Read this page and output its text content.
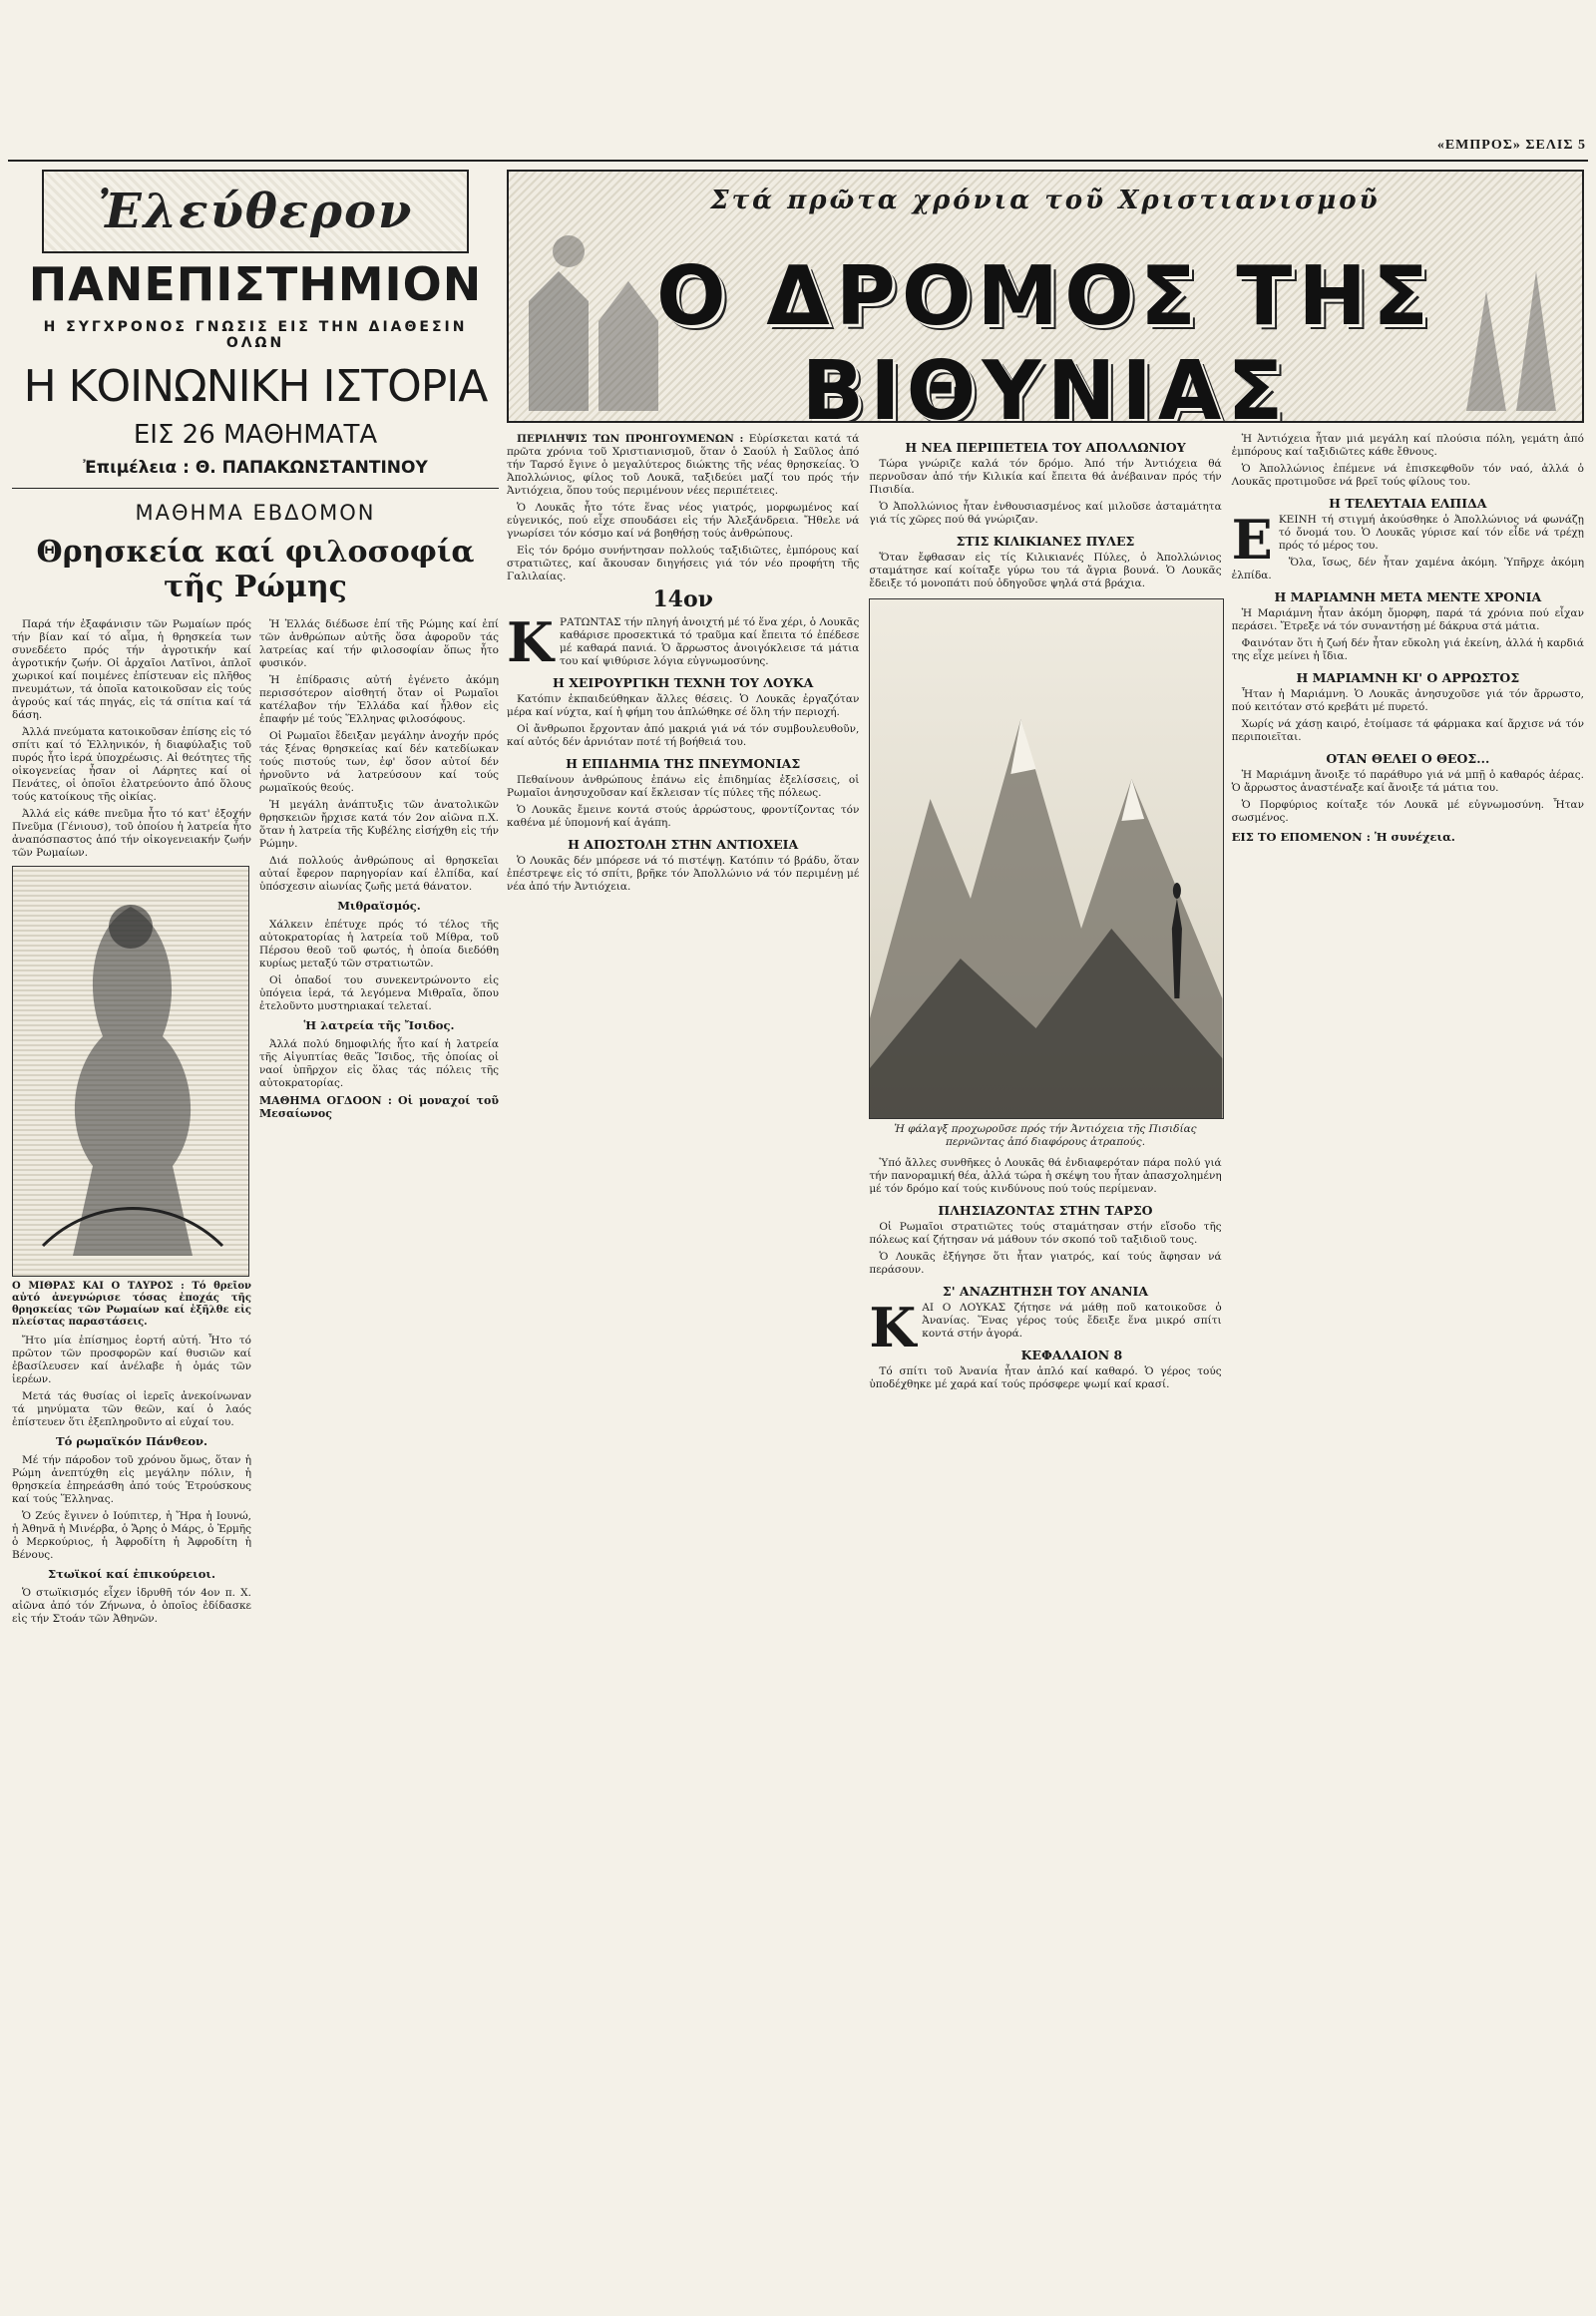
«ΕΜΠΡΟΣ» ΣΕΛΙΣ 5
Ἐλεύθερον
ΠΑΝΕΠΙΣΤΗΜΙΟΝ
Η ΣΥΓΧΡΟΝΟΣ ΓΝΩΣΙΣ ΕΙΣ ΤΗΝ ΔΙΑΘΕΣΙΝ ΟΛΩΝ
Η ΚΟΙΝΩΝΙΚΗ ΙΣΤΟΡΙΑ
ΕΙΣ 26 ΜΑΘΗΜΑΤΑ
Ἐπιμέλεια : Θ. ΠΑΠΑΚΩΝΣΤΑΝΤΙΝΟΥ
ΜΑΘΗΜΑ ΕΒΔΟΜΟΝ
Θρησκεία καί φιλοσοφία τῆς Ρώμης

Παρά τήν ἐξαφάνισιν τῶν Ρωμαίων πρός τήν βίαν καί τό αἷμα, ἡ θρησκεία των συνεδέετο πρός τήν ἀγροτικήν καί ἀγροτικήν ζωήν. Οἱ ἀρχαῖοι Λατῖνοι, ἁπλοῖ χωρικοί καί ποιμένες ἐπίστευαν εἰς πλῆθος πνευμάτων, τά ὁποῖα κατοικοῦσαν εἰς τούς ἀγρούς καί τάς πηγάς, εἰς τά σπίτια καί τά δάση.

Ἀλλά πνεύματα κατοικοῦσαν ἐπίσης εἰς τό σπίτι καί τό Ἑλληνικόν, ἡ διαφύλαξις τοῦ πυρός ἦτο ἱερά ὑποχρέωσις. Αἱ θεότητες τῆς οἰκογενείας ἦσαν οἱ Λάρητες καί οἱ Πενάτες, οἱ ὁποῖοι ἐλατρεύοντο ἀπό ὅλους τούς κατοίκους τῆς οἰκίας.

Ἀλλά εἰς κάθε πνεῦμα ἦτο τό κατ' ἐξοχήν Πνεῦμα (Γένιουσ), τοῦ ὁποίου ἡ λατρεία ἦτο ἀναπόσπαστος ἀπό τήν οἰκογενειακήν ζωήν τῶν Ρωμαίων.

Ο ΜΙΘΡΑΣ ΚΑΙ Ο ΤΑΥΡΟΣ : Τό θρεῖον αὐτό ἀνεγνώρισε τόσας ἐποχάς τῆς θρησκείας τῶν Ρωμαίων καί ἐξῆλθε εἰς πλείστας παραστάσεις.

Ἤτο μία ἐπίσημος ἑορτή αὐτή. Ἦτο τό πρῶτον τῶν προσφορῶν καί θυσιῶν καί ἐβασίλευσεν καί ἀνέλαβε ἡ ὁμάς τῶν ἱερέων.

Μετά τάς θυσίας οἱ ἱερεῖς ἀνεκοίνωναν τά μηνύματα τῶν θεῶν, καί ὁ λαός ἐπίστευεν ὅτι ἐξεπληροῦντο αἱ εὐχαί του.

Τό ρωμαϊκόν Πάνθεον.

Μέ τήν πάροδον τοῦ χρόνου ὅμως, ὅταν ἡ Ρώμη ἀνεπτύχθη εἰς μεγάλην πόλιν, ἡ θρησκεία ἐπηρεάσθη ἀπό τούς Ἐτρούσκους καί τούς Ἕλληνας.

Ὁ Ζεύς ἔγινεν ὁ Ιούπιτερ, ἡ Ἥρα ἡ Ιουνώ, ἡ Ἀθηνᾶ ἡ Μινέρβα, ὁ Ἄρης ὁ Μάρς, ὁ Ἑρμῆς ὁ Μερκούριος, ἡ Ἀφροδίτη ἡ Ἀφροδίτη ἡ Βένους.

Στωϊκοί καί ἐπικούρειοι.

Ὁ στωϊκισμός εἶχεν ἱδρυθῆ τόν 4ον π. Χ. αἰῶνα ἀπό τόν Ζήνωνα, ὁ ὁποῖος ἐδίδασκε εἰς τήν Στοάν τῶν Ἀθηνῶν.

Ἡ Ἑλλάς διέδωσε ἐπί τῆς Ρώμης καί ἐπί τῶν ἀνθρώπων αὐτῆς ὅσα ἀφοροῦν τάς λατρείας καί τήν φιλοσοφίαν ὅπως ἦτο φυσικόν.

Ἡ ἐπίδρασις αὐτή ἐγένετο ἀκόμη περισσότερον αἰσθητή ὅταν οἱ Ρωμαῖοι κατέλαβον τήν Ἑλλάδα καί ἦλθον εἰς ἐπαφήν μέ τούς Ἕλληνας φιλοσόφους.

Οἱ Ρωμαῖοι ἔδειξαν μεγάλην ἀνοχήν πρός τάς ξένας θρησκείας καί δέν κατεδίωκαν τούς πιστούς των, ἐφ' ὅσον αὐτοί δέν ἠρνοῦντο νά λατρεύσουν καί τούς ρωμαϊκούς θεούς.

Ἡ μεγάλη ἀνάπτυξις τῶν ἀνατολικῶν θρησκειῶν ἤρχισε κατά τόν 2ον αἰῶνα π.Χ. ὅταν ἡ λατρεία τῆς Κυβέλης εἰσήχθη εἰς τήν Ρώμην.

Διά πολλούς ἀνθρώπους αἱ θρησκεῖαι αὐταί ἔφερον παρηγορίαν καί ἐλπίδα, καί ὑπόσχεσιν αἰωνίας ζωῆς μετά θάνατον.

Μιθραϊσμός.

Χάλκειν ἐπέτυχε πρός τό τέλος τῆς αὐτοκρατορίας ἡ λατρεία τοῦ Μίθρα, τοῦ Πέρσου θεοῦ τοῦ φωτός, ἡ ὁποία διεδόθη κυρίως μεταξύ τῶν στρατιωτῶν.

Οἱ ὀπαδοί του συνεκεντρώνοντο εἰς ὑπόγεια ἱερά, τά λεγόμενα Μιθραῖα, ὅπου ἐτελοῦντο μυστηριακαί τελεταί.

Ἡ λατρεία τῆς Ἴσιδος.

Ἀλλά πολύ δημοφιλής ἦτο καί ἡ λατρεία τῆς Αἰγυπτίας θεᾶς Ἴσιδος, τῆς ὁποίας οἱ ναοί ὑπῆρχον εἰς ὅλας τάς πόλεις τῆς αὐτοκρατορίας.

ΜΑΘΗΜΑ ΟΓΔΟΟΝ : Οἱ μοναχοί τοῦ Μεσαίωνος
Στά πρῶτα χρόνια τοῦ Χριστιανισμοῦ
Ο ΔΡΟΜΟΣ ΤΗΣ ΒΙΘΥΝΙΑΣ

ΠΕΡΙΛΗΨΙΣ ΤΩΝ ΠΡΟΗΓΟΥΜΕΝΩΝ : Εὑρίσκεται κατά τά πρῶτα χρόνια τοῦ Χριστιανισμοῦ, ὅταν ὁ Σαούλ ἡ Σαῦλος ἀπό τήν Ταρσό ἔγινε ὁ μεγαλύτερος διώκτης τῆς νέας θρησκείας. Ὁ Ἀπολλώνιος, φίλος τοῦ Λουκᾶ, ταξιδεύει μαζί του πρός τήν Ἀντιόχεια, ὅπου τούς περιμένουν νέες περιπέτειες.

Ὁ Λουκᾶς ἦτο τότε ἕνας νέος γιατρός, μορφωμένος καί εὐγενικός, πού εἶχε σπουδάσει εἰς τήν Ἀλεξάνδρεια. Ἤθελε νά γνωρίσει τόν κόσμο καί νά βοηθήσῃ τούς ἀνθρώπους.

Εἰς τόν δρόμο συνήντησαν πολλούς ταξιδιῶτες, ἐμπόρους καί στρατιῶτες, καί ἄκουσαν διηγήσεις γιά τόν νέο προφήτη τῆς Γαλιλαίας.

14ον

ΚΡΑΤΩΝΤΑΣ τήν πληγή ἀνοιχτή μέ τό ἕνα χέρι, ὁ Λουκᾶς καθάρισε προσεκτικά τό τραῦμα καί ἔπειτα τό ἐπέδεσε μέ καθαρά πανιά. Ὁ ἄρρωστος ἀνοιγόκλεισε τά μάτια του καί ψιθύρισε λόγια εὐγνωμοσύνης.

Η ΧΕΙΡΟΥΡΓΙΚΗ ΤΕΧΝΗ ΤΟΥ ΛΟΥΚΑ

Κατόπιν ἐκπαιδεύθηκαν ἄλλες θέσεις. Ὁ Λουκᾶς ἐργαζόταν μέρα καί νύχτα, καί ἡ φήμη του ἁπλώθηκε σέ ὅλη τήν περιοχή.

Οἱ ἄνθρωποι ἔρχονταν ἀπό μακριά γιά νά τόν συμβουλευθοῦν, καί αὐτός δέν ἀρνιόταν ποτέ τή βοήθειά του.

Η ΕΠΙΔΗΜΙΑ ΤΗΣ ΠΝΕΥΜΟΝΙΑΣ

Πεθαίνουν ἀνθρώπους ἐπάνω εἰς ἐπιδημίας ἐξελίσσεις, οἱ Ρωμαῖοι ἀνησυχοῦσαν καί ἔκλεισαν τίς πύλες τῆς πόλεως.

Ὁ Λουκᾶς ἔμεινε κοντά στούς ἀρρώστους, φροντίζοντας τόν καθένα μέ ὑπομονή καί ἀγάπη.

Η ΑΠΟΣΤΟΛΗ ΣΤΗΝ ΑΝΤΙΟΧΕΙΑ

Ὁ Λουκᾶς δέν μπόρεσε νά τό πιστέψῃ. Κατόπιν τό βράδυ, ὅταν ἐπέστρεψε εἰς τό σπίτι, βρῆκε τόν Ἀπολλώνιο νά τόν περιμένῃ μέ νέα ἀπό τήν Ἀντιόχεια.

Η ΝΕΑ ΠΕΡΙΠΕΤΕΙΑ ΤΟΥ ΑΠΟΛΛΩΝΙΟΥ

Τώρα γνώριζε καλά τόν δρόμο. Ἀπό τήν Ἀντιόχεια θά περνοῦσαν ἀπό τήν Κιλικία καί ἔπειτα θά ἀνέβαιναν πρός τήν Πισιδία.

Ὁ Ἀπολλώνιος ἦταν ἐνθουσιασμένος καί μιλοῦσε ἀσταμάτητα γιά τίς χῶρες πού θά γνώριζαν.

ΣΤΙΣ ΚΙΛΙΚΙΑΝΕΣ ΠΥΛΕΣ

Ὅταν ἔφθασαν εἰς τίς Κιλικιανές Πύλες, ὁ Ἀπολλώνιος σταμάτησε καί κοίταξε γύρω του τά ἄγρια βουνά. Ὁ Λουκᾶς ἔδειξε τό μονοπάτι πού ὁδηγοῦσε ψηλά στά βράχια.

Ἡ φάλαγξ προχωροῦσε πρός τήν Ἀντιόχεια τῆς Πισιδίας περνῶντας ἀπό διαφόρους ἀτραπούς.

Ὑπό ἄλλες συνθῆκες ὁ Λουκᾶς θά ἐνδιαφερόταν πάρα πολύ γιά τήν πανοραμική θέα, ἀλλά τώρα ἡ σκέψη του ἦταν ἀπασχολημένη μέ τόν δρόμο καί τούς κινδύνους πού τούς περίμεναν.

ΠΛΗΣΙΑΖΟΝΤΑΣ ΣΤΗΝ ΤΑΡΣΟ

Οἱ Ρωμαῖοι στρατιῶτες τούς σταμάτησαν στήν εἴσοδο τῆς πόλεως καί ζήτησαν νά μάθουν τόν σκοπό τοῦ ταξιδιοῦ τους.

Ὁ Λουκᾶς ἐξήγησε ὅτι ἦταν γιατρός, καί τούς ἄφησαν νά περάσουν.

Σ' ΑΝΑΖΗΤΗΣΗ ΤΟΥ ΑΝΑΝΙΑ

ΚΑΙ Ο ΛΟΥΚΑΣ ζήτησε νά μάθῃ ποῦ κατοικοῦσε ὁ Ἀνανίας. Ἕνας γέρος τούς ἔδειξε ἕνα μικρό σπίτι κοντά στήν ἀγορά.

ΚΕΦΑΛΑΙΟΝ 8

Τό σπίτι τοῦ Ἀνανία ἦταν ἁπλό καί καθαρό. Ὁ γέρος τούς ὑποδέχθηκε μέ χαρά καί τούς πρόσφερε ψωμί καί κρασί.

Ἡ Ἀντιόχεια ἦταν μιά μεγάλη καί πλούσια πόλη, γεμάτη ἀπό ἐμπόρους καί ταξιδιῶτες κάθε ἔθνους.

Ὁ Ἀπολλώνιος ἐπέμενε νά ἐπισκεφθοῦν τόν ναό, ἀλλά ὁ Λουκᾶς προτιμοῦσε νά βρεῖ τούς φίλους του.

Η ΤΕΛΕΥΤΑΙΑ ΕΛΠΙΔΑ

ΕΚΕΙΝΗ τή στιγμή ἀκούσθηκε ὁ Ἀπολλώνιος νά φωνάζῃ τό ὄνομά του. Ὁ Λουκᾶς γύρισε καί τόν εἶδε νά τρέχῃ πρός τό μέρος του.

Ὅλα, ἴσως, δέν ἦταν χαμένα ἀκόμη. Ὑπῆρχε ἀκόμη ἐλπίδα.

Η ΜΑΡΙΑΜΝΗ ΜΕΤΑ ΜΕΝΤΕ ΧΡΟΝΙΑ

Ἡ Μαριάμνη ἦταν ἀκόμη ὄμορφη, παρά τά χρόνια πού εἶχαν περάσει. Ἔτρεξε νά τόν συναντήσῃ μέ δάκρυα στά μάτια.

Φαινόταν ὅτι ἡ ζωή δέν ἦταν εὔκολη γιά ἐκείνη, ἀλλά ἡ καρδιά της εἶχε μείνει ἡ ἴδια.

Η ΜΑΡΙΑΜΝΗ ΚΙ' Ο ΑΡΡΩΣΤΟΣ

Ἦταν ἡ Μαριάμνη. Ὁ Λουκᾶς ἀνησυχοῦσε γιά τόν ἄρρωστο, πού κειτόταν στό κρεβάτι μέ πυρετό.

Χωρίς νά χάσῃ καιρό, ἑτοίμασε τά φάρμακα καί ἄρχισε νά τόν περιποιεῖται.

ΟΤΑΝ ΘΕΛΕΙ Ο ΘΕΟΣ...

Ἡ Μαριάμνη ἄνοιξε τό παράθυρο γιά νά μπῇ ὁ καθαρός ἀέρας. Ὁ ἄρρωστος ἀναστέναξε καί ἄνοιξε τά μάτια του.

Ὁ Πορφύριος κοίταξε τόν Λουκᾶ μέ εὐγνωμοσύνη. Ἦταν σωσμένος.

ΕΙΣ ΤΟ ΕΠΟΜΕΝΟΝ : Ἡ συνέχεια.
